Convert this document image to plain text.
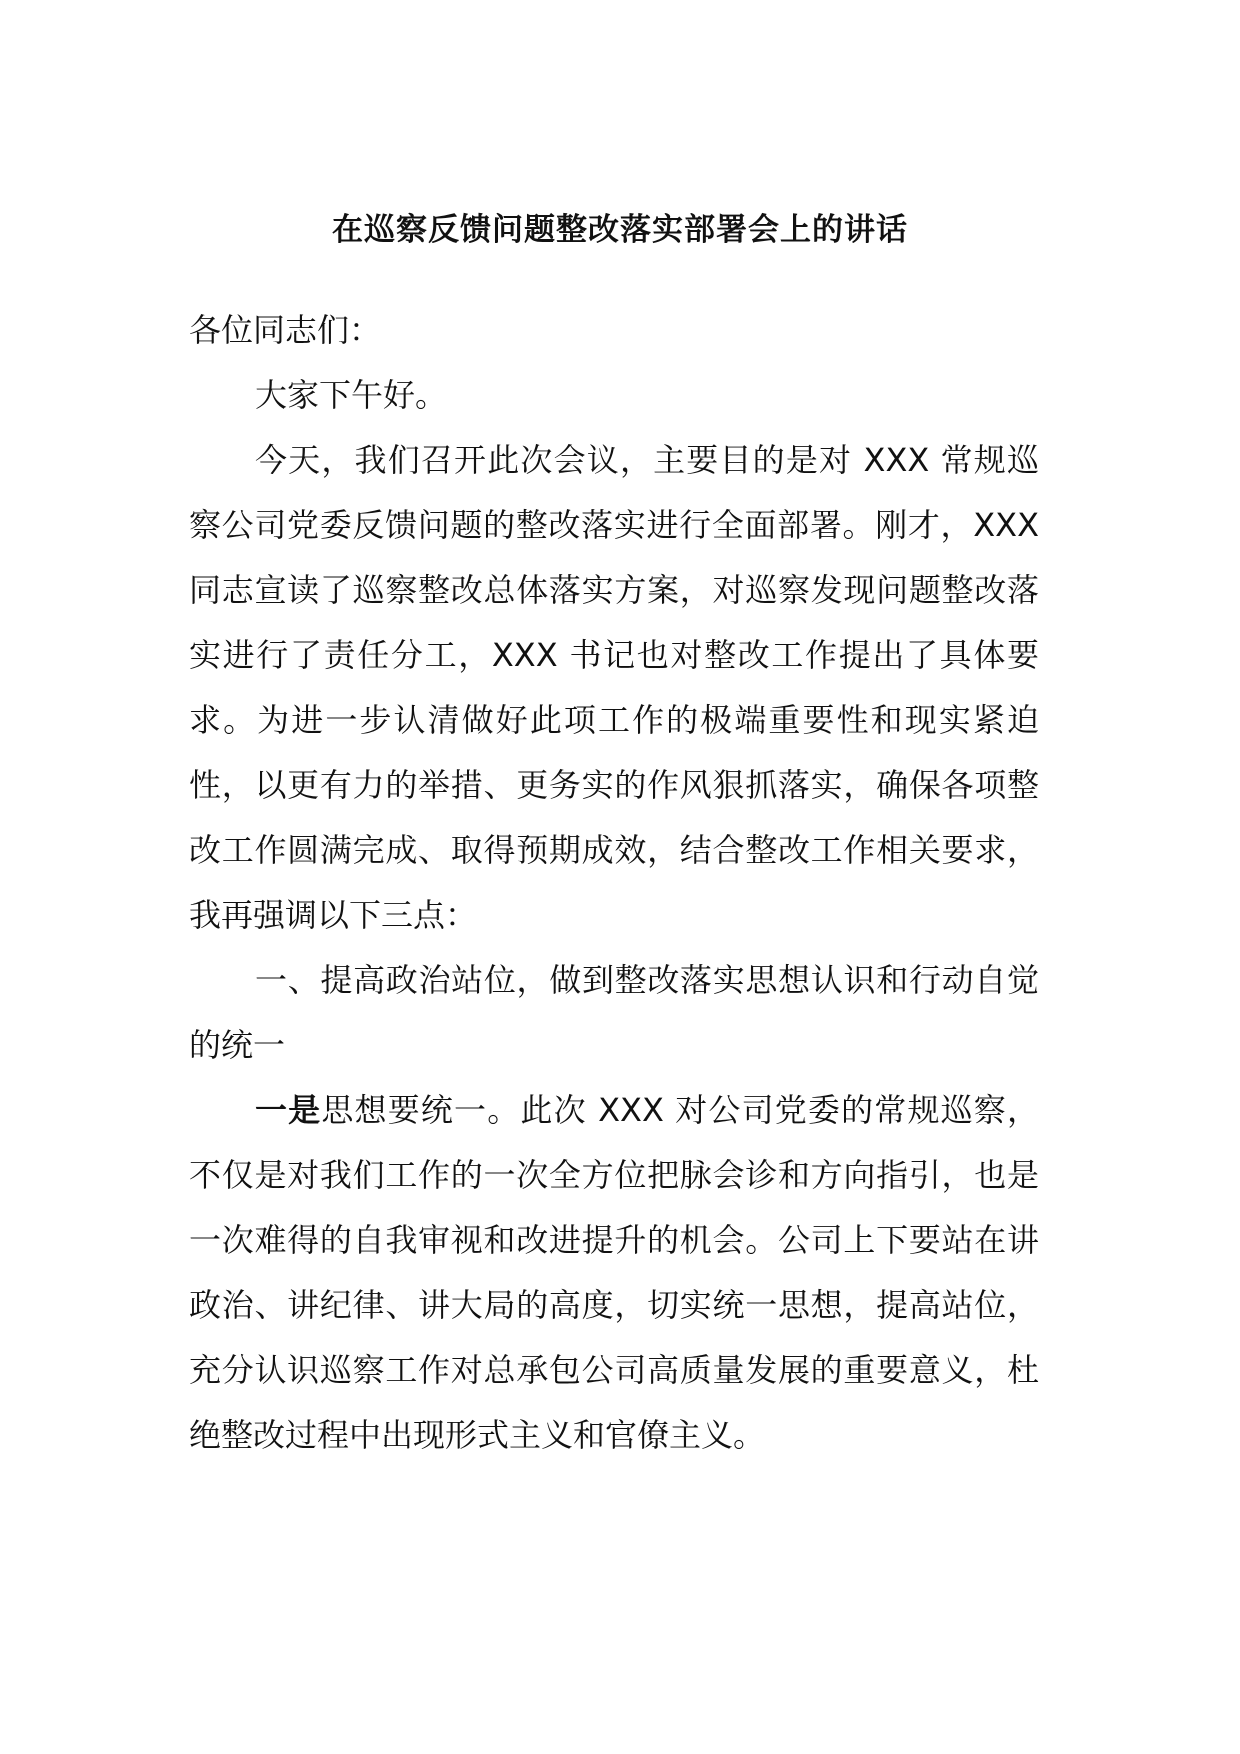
在巡察反馈问题整改落实部署会上的讲话

各位同志们：

大家下午好。

今天，我们召开此次会议，主要目的是对 XXX 常规巡察公司党委反馈问题的整改落实进行全面部署。刚才，XXX 同志宣读了巡察整改总体落实方案，对巡察发现问题整改落实进行了责任分工，XXX 书记也对整改工作提出了具体要求。为进一步认清做好此项工作的极端重要性和现实紧迫性，以更有力的举措、更务实的作风狠抓落实，确保各项整改工作圆满完成、取得预期成效，结合整改工作相关要求，我再强调以下三点：

一、提高政治站位，做到整改落实思想认识和行动自觉的统一

一是思想要统一。此次 XXX 对公司党委的常规巡察，不仅是对我们工作的一次全方位把脉会诊和方向指引，也是一次难得的自我审视和改进提升的机会。公司上下要站在讲政治、讲纪律、讲大局的高度，切实统一思想，提高站位，充分认识巡察工作对总承包公司高质量发展的重要意义，杜绝整改过程中出现形式主义和官僚主义。
